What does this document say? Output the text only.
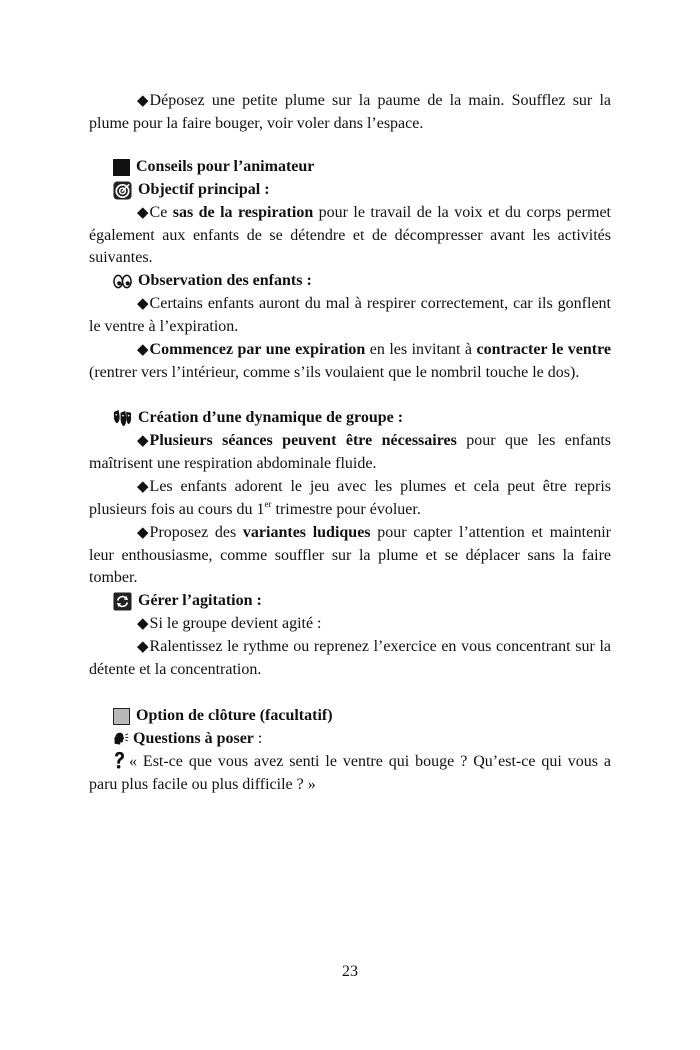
◆Déposez une petite plume sur la paume de la main. Soufflez sur la plume pour la faire bouger, voir voler dans l’espace.

Conseils pour l’animateur
Objectif principal :

◆Ce sas de la respiration pour le travail de la voix et du corps permet également aux enfants de se détendre et de décompresser avant les activités suivantes.

Observation des enfants :

◆Certains enfants auront du mal à respirer correctement, car ils gonflent le ventre à l’expiration.

◆Commencez par une expiration en les invitant à contracter le ventre (rentrer vers l’intérieur, comme s’ils voulaient que le nombril touche le dos).

Création d’une dynamique de groupe :

◆Plusieurs séances peuvent être nécessaires pour que les enfants maîtrisent une respiration abdominale fluide.

◆Les enfants adorent le jeu avec les plumes et cela peut être repris plusieurs fois au cours du 1er trimestre pour évoluer.

◆Proposez des variantes ludiques pour capter l’attention et maintenir leur enthousiasme, comme souffler sur la plume et se déplacer sans la faire tomber.

Gérer l’agitation :

◆Si le groupe devient agité :

◆Ralentissez le rythme ou reprenez l’exercice en vous concentrant sur la détente et la concentration.

Option de clôture (facultatif)
Questions à poser :

« Est-ce que vous avez senti le ventre qui bouge ? Qu’est-ce qui vous a paru plus facile ou plus difficile ? »

23
